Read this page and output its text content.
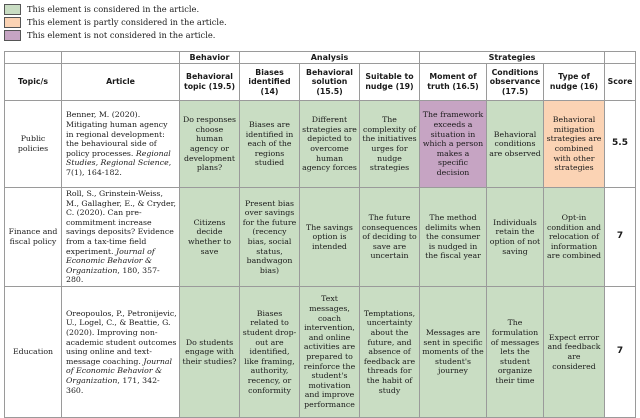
This element is considered in the article.
This element is partly considered in the article.
This element is not considered in the article.
		Behavior	Analysis			Strategies			
Topic/s	Article	Behavioral topic (19.5)	Biases identified (14)	Behavioral solution (15.5)	Suitable to nudge (19)	Moment of truth (16.5)	Conditions observance (17.5)	Type of nudge (16)	Score
Public policies	Benner, M. (2020). Mitigating human agency in regional development: the behavioural side of policy processes. Regional Studies, Regional Science, 7(1), 164-182.	Do responses choose human agency or development plans?	Biases are identified in each of the regions studied	Different strategies are depicted to overcome human agency forces	The complexity of the initiatives urges for nudge strategies	The framework exceeds a situation in which a person makes a specific decision	Behavioral conditions are observed	Behavioral mitigation strategies are combined with other strategies	5.5
Finance and fiscal policy	Roll, S., Grinstein-Weiss, M., Gallagher, E., & Cryder, C. (2020). Can pre-commitment increase savings deposits? Evidence from a tax-time field experiment. Journal of Economic Behavior & Organization, 180, 357-280.	Citizens decide whether to save	Present bias over savings for the future (recency bias, social status, bandwagon bias)	The savings option is intended	The future consequences of deciding to save are uncertain	The method delimits when the consumer is nudged in the fiscal year	Individuals retain the option of not saving	Opt-in condition and relocation of information are combined	7
Education	Oreopoulos, P., Petronijevic, U., Logel, C., & Beattie, G. (2020). Improving non-academic student outcomes using online and text-message coaching. Journal of Economic Behavior & Organization, 171, 342-360.	Do students engage with their studies?	Biases related to student drop-out are identified, like framing, authority, recency, or conformity	Text messages, coach intervention, and online activities are prepared to reinforce the student's motivation and improve performance	Temptations, uncertainty about the future, and absence of feedback are threads for the habit of study	Messages are sent in specific moments of the student's journey	The formulation of messages lets the student organize their time	Expect error and feedback are considered	7
